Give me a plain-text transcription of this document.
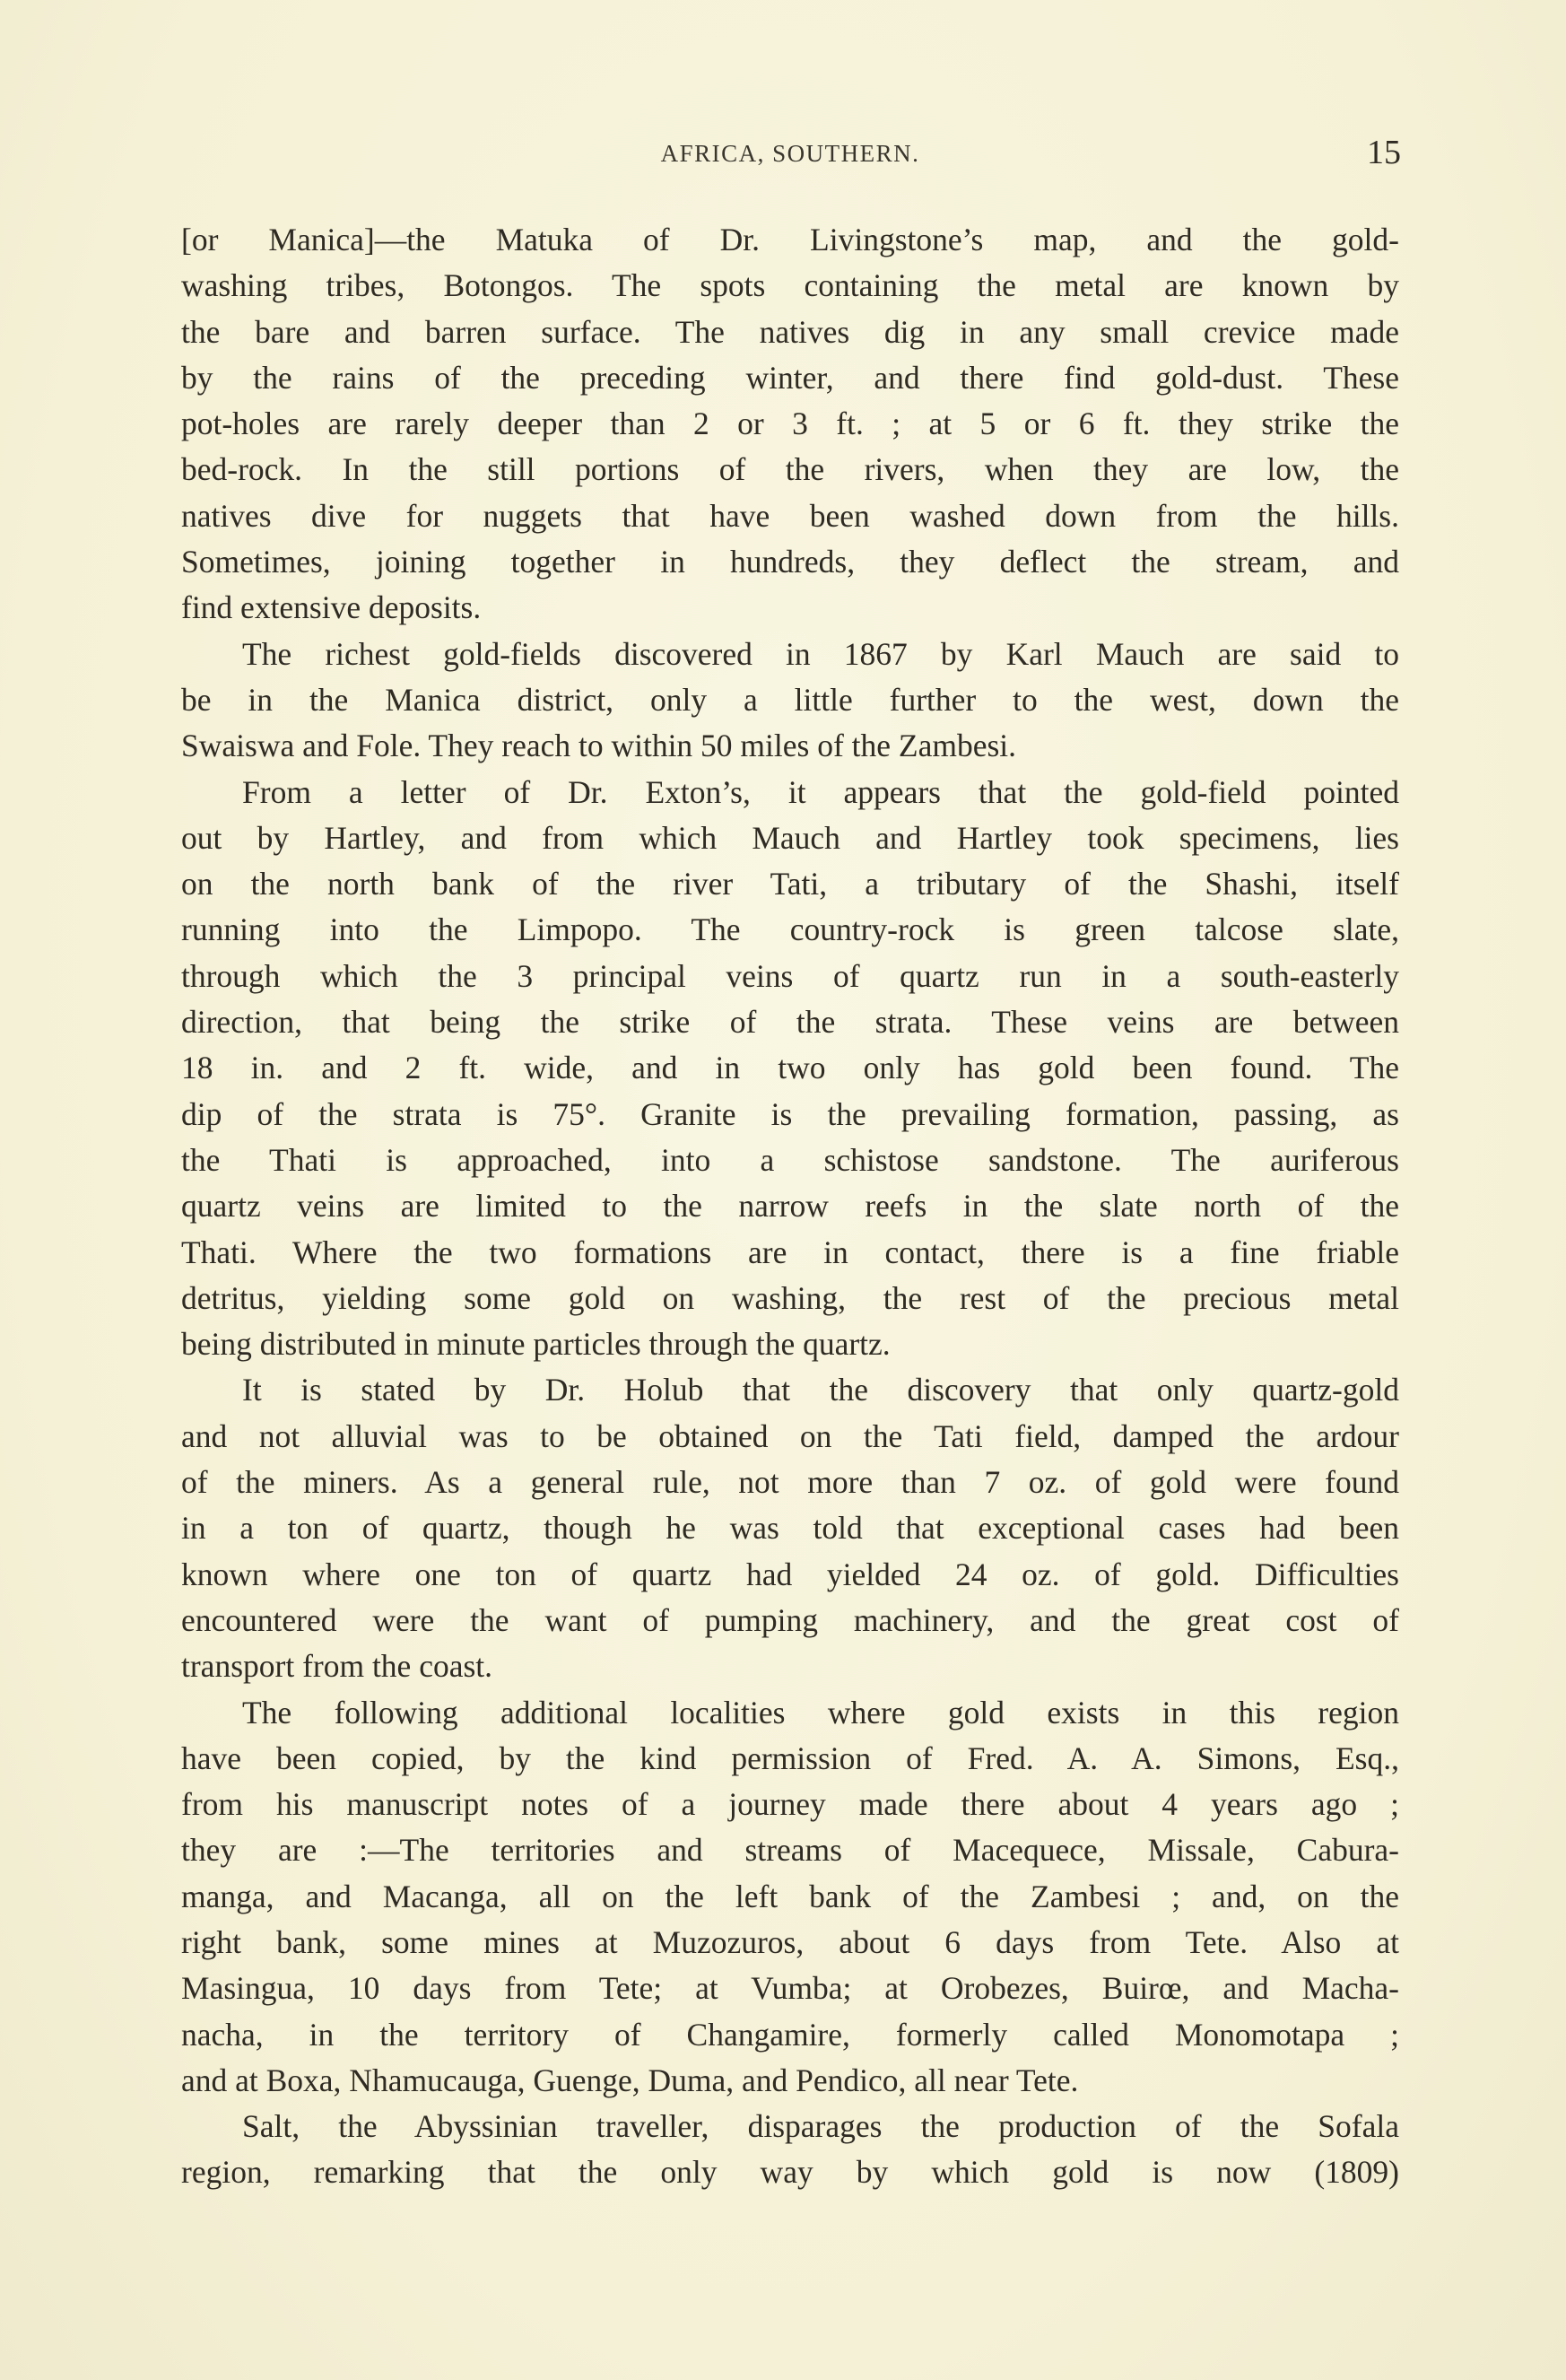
AFRICA, SOUTHERN.	15
[or Manica]—the Matuka of Dr. Livingstone’s map, and the gold-
washing tribes, Botongos. The spots containing the metal are known by
the bare and barren surface. The natives dig in any small crevice made
by the rains of the preceding winter, and there find gold-dust. These
pot-holes are rarely deeper than 2 or 3 ft. ; at 5 or 6 ft. they strike the
bed-rock. In the still portions of the rivers, when they are low, the
natives dive for nuggets that have been washed down from the hills.
Sometimes, joining together in hundreds, they deflect the stream, and
find extensive deposits.
The richest gold-fields discovered in 1867 by Karl Mauch are said to
be in the Manica district, only a little further to the west, down the
Swaiswa and Fole. They reach to within 50 miles of the Zambesi.
From a letter of Dr. Exton’s, it appears that the gold-field pointed
out by Hartley, and from which Mauch and Hartley took specimens, lies
on the north bank of the river Tati, a tributary of the Shashi, itself
running into the Limpopo. The country-rock is green talcose slate,
through which the 3 principal veins of quartz run in a south-easterly
direction, that being the strike of the strata. These veins are between
18 in. and 2 ft. wide, and in two only has gold been found. The
dip of the strata is 75°. Granite is the prevailing formation, passing, as
the Thati is approached, into a schistose sandstone. The auriferous
quartz veins are limited to the narrow reefs in the slate north of the
Thati. Where the two formations are in contact, there is a fine friable
detritus, yielding some gold on washing, the rest of the precious metal
being distributed in minute particles through the quartz.
It is stated by Dr. Holub that the discovery that only quartz-gold
and not alluvial was to be obtained on the Tati field, damped the ardour
of the miners. As a general rule, not more than 7 oz. of gold were found
in a ton of quartz, though he was told that exceptional cases had been
known where one ton of quartz had yielded 24 oz. of gold. Difficulties
encountered were the want of pumping machinery, and the great cost of
transport from the coast.
The following additional localities where gold exists in this region
have been copied, by the kind permission of Fred. A. A. Simons, Esq.,
from his manuscript notes of a journey made there about 4 years ago ;
they are :—The territories and streams of Macequece, Missale, Cabura-
manga, and Macanga, all on the left bank of the Zambesi ; and, on the
right bank, some mines at Muzozuros, about 6 days from Tete. Also at
Masingua, 10 days from Tete; at Vumba; at Orobezes, Buirœ, and Macha-
nacha, in the territory of Changamire, formerly called Monomotapa ;
and at Boxa, Nhamucauga, Guenge, Duma, and Pendico, all near Tete.
Salt, the Abyssinian traveller, disparages the production of the Sofala
region, remarking that the only way by which gold is now (1809)
